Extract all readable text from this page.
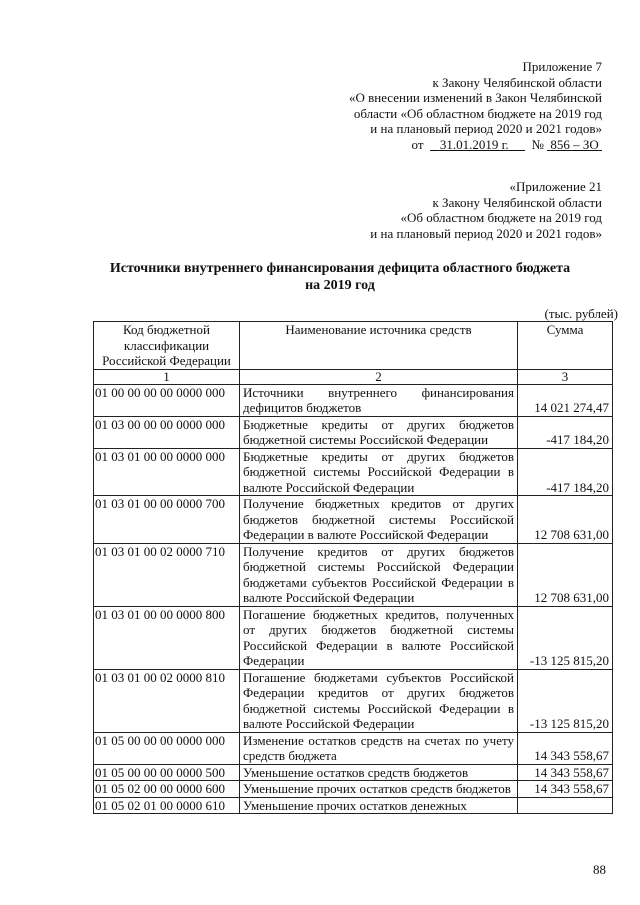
Приложение 7
к Закону Челябинской области
«О внесении изменений в Закон Челябинской
области «Об областном бюджете на 2019 год
и на плановый период 2020 и 2021 годов»
от 31.01.2019 г. № 856 – ЗО
«Приложение 21
к Закону Челябинской области
«Об областном бюджете на 2019 год
и на плановый период 2020 и 2021 годов»
Источники внутреннего финансирования дефицита областного бюджета
на 2019 год
(тыс. рублей)
Код бюджетной классификации Российской Федерации	Наименование источника средств	Сумма
1	2	3
01 00 00 00 00 0000 000	Источники внутреннего финансирования дефицитов бюджетов	14 021 274,47
01 03 00 00 00 0000 000	Бюджетные кредиты от других бюджетов бюджетной системы Российской Федерации	-417 184,20
01 03 01 00 00 0000 000	Бюджетные кредиты от других бюджетов бюджетной системы Российской Федерации в валюте Российской Федерации	-417 184,20
01 03 01 00 00 0000 700	Получение бюджетных кредитов от других бюджетов бюджетной системы Российской Федерации в валюте Российской Федерации	12 708 631,00
01 03 01 00 02 0000 710	Получение кредитов от других бюджетов бюджетной системы Российской Федерации бюджетами субъектов Российской Федерации в валюте Российской Федерации	12 708 631,00
01 03 01 00 00 0000 800	Погашение бюджетных кредитов, полученных от других бюджетов бюджетной системы Российской Федерации в валюте Российской Федерации	-13 125 815,20
01 03 01 00 02 0000 810	Погашение бюджетами субъектов Российской Федерации кредитов от других бюджетов бюджетной системы Российской Федерации в валюте Российской Федерации	-13 125 815,20
01 05 00 00 00 0000 000	Изменение остатков средств на счетах по учету средств бюджета	14 343 558,67
01 05 00 00 00 0000 500	Уменьшение остатков средств бюджетов	14 343 558,67
01 05 02 00 00 0000 600	Уменьшение прочих остатков средств бюджетов	14 343 558,67
01 05 02 01 00 0000 610	Уменьшение прочих остатков денежных	
88
